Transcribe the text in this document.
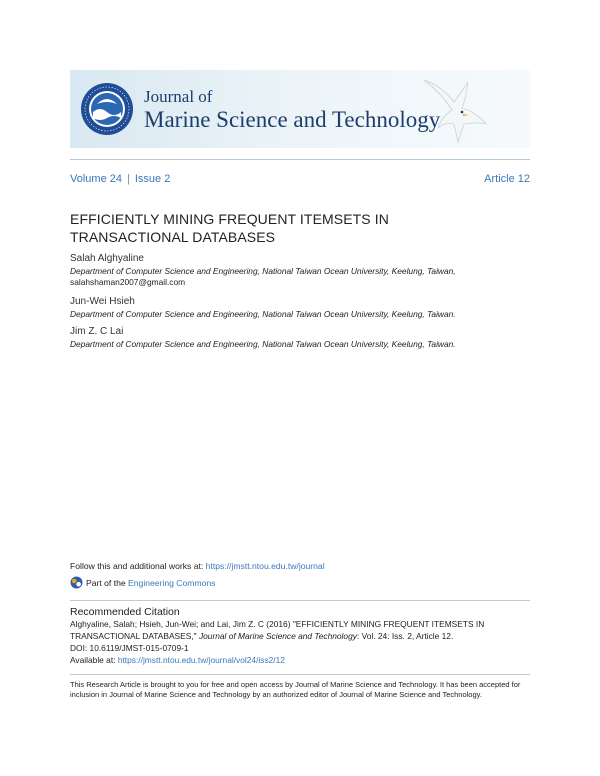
Journal of
Marine Science and Technology
Volume 24 | Issue 2	Article 12
EFFICIENTLY MINING FREQUENT ITEMSETS IN TRANSACTIONAL DATABASES
Salah Alghyaline
Department of Computer Science and Engineering, National Taiwan Ocean University, Keelung, Taiwan,
salahshaman2007@gmail.com
Jun-Wei Hsieh
Department of Computer Science and Engineering, National Taiwan Ocean University, Keelung, Taiwan.
Jim Z. C Lai
Department of Computer Science and Engineering, National Taiwan Ocean University, Keelung, Taiwan.
Follow this and additional works at: https://jmstt.ntou.edu.tw/journal
Part of the Engineering Commons
Recommended Citation
Alghyaline, Salah; Hsieh, Jun-Wei; and Lai, Jim Z. C (2016) "EFFICIENTLY MINING FREQUENT ITEMSETS IN
TRANSACTIONAL DATABASES," Journal of Marine Science and Technology: Vol. 24: Iss. 2, Article 12.
DOI: 10.6119/JMST-015-0709-1
Available at: https://jmstt.ntou.edu.tw/journal/vol24/iss2/12
This Research Article is brought to you for free and open access by Journal of Marine Science and Technology. It has been accepted for inclusion in Journal of Marine Science and Technology by an authorized editor of Journal of Marine Science and Technology.
